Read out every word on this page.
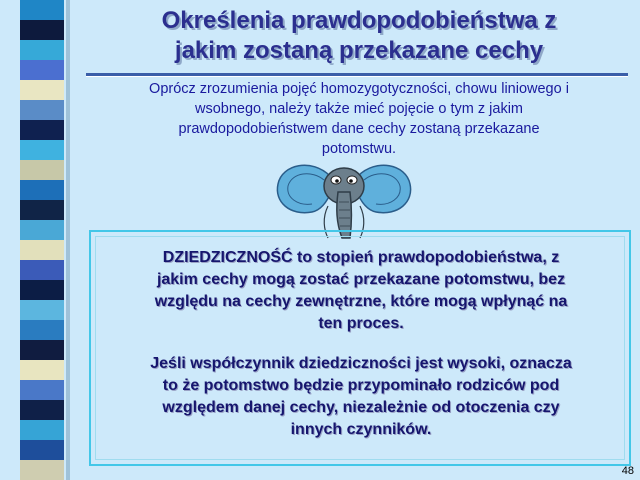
Określenia prawdopodobieństwa z
jakim zostaną przekazane cechy
Oprócz zrozumienia pojęć homozygotyczności, chowu liniowego i
wsobnego, należy także mieć pojęcie o tym z jakim
prawdopodobieństwem dane cechy zostaną przekazane
potomstwu.
DZIEDZICZNOŚĆ to stopień prawdopodobieństwa, z
jakim cechy mogą zostać przekazane potomstwu, bez
względu na cechy zewnętrzne, które mogą wpłynąć na
ten proces.
Jeśli współczynnik dziedziczności jest wysoki, oznacza
to że potomstwo będzie przypominało rodziców pod
względem danej cechy, niezależnie od otoczenia czy
innych czynników.
48
